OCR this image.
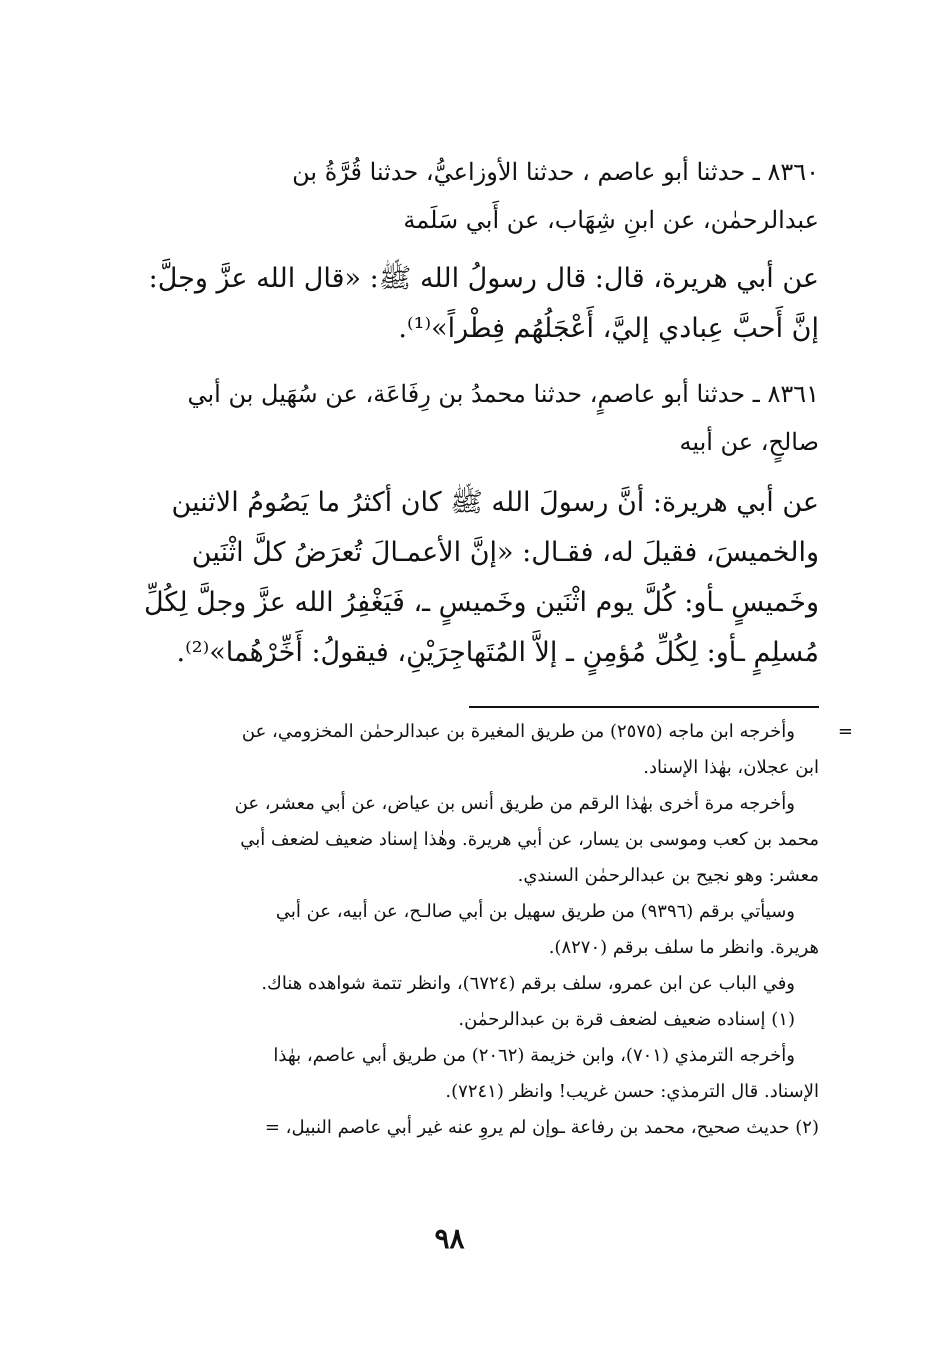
٨٣٦٠ ـ حدثنا أبو عاصم ، حدثنا الأوزاعيُّ، حدثنا قُرَّةُ بن
عبدالرحمٰن، عن ابنِ شِهَاب، عن أَبي سَلَمة
عن أبي هريرة، قال: قال رسولُ الله ﷺ: «قال الله عزَّ وجلَّ:
إنَّ أَحبَّ عِبادي إليَّ، أَعْجَلُهُم فِطْراً»⁽¹⁾.
٨٣٦١ ـ حدثنا أبو عاصمٍ، حدثنا محمدُ بن رِفَاعَة، عن سُهَيل بن أبي
صالحٍ، عن أبيه
عن أبي هريرة: أنَّ رسولَ الله ﷺ كان أكثرُ ما يَصُومُ الاثنين
والخميسَ، فقيلَ له، فقـال: «إنَّ الأعمـالَ تُعرَضُ كلَّ اثْنَين
وخَميسٍ ـأو: كُلَّ يوم اثْنَين وخَميسٍ ـ، فَيَغْفِرُ الله عزَّ وجلَّ لِكُلِّ
مُسلِمٍ ـأو: لِكُلِّ مُؤمِنٍ ـ إلاَّ المُتَهاجِرَيْنِ، فيقولُ: أَخِّرْهُما»⁽²⁾.
=
وأخرجه ابن ماجه (٢٥٧٥) من طريق المغيرة بن عبدالرحمٰن المخزومي، عن
ابن عجلان، بهٰذا الإسناد.
وأخرجه مرة أخرى بهٰذا الرقم من طريق أنس بن عياض، عن أبي معشر، عن
محمد بن كعب وموسى بن يسار، عن أبي هريرة. وهٰذا إسناد ضعيف لضعف أبي
معشر: وهو نجيح بن عبدالرحمٰن السندي.
وسيأتي برقم (٩٣٩٦) من طريق سهيل بن أبي صالـح، عن أبيه، عن أبي
هريرة. وانظر ما سلف برقم (٨٢٧٠).
وفي الباب عن ابن عمرو، سلف برقم (٦٧٢٤)، وانظر تتمة شواهده هناك.
(١) إسناده ضعيف لضعف قرة بن عبدالرحمٰن.
وأخرجه الترمذي (٧٠١)، وابن خزيمة (٢٠٦٢) من طريق أبي عاصم، بهٰذا
الإسناد. قال الترمذي: حسن غريب! وانظر (٧٢٤١).
(٢) حديث صحيح، محمد بن رفاعة ـوإن لم يروِ عنه غير أبي عاصم النبيل، =
٩٨
